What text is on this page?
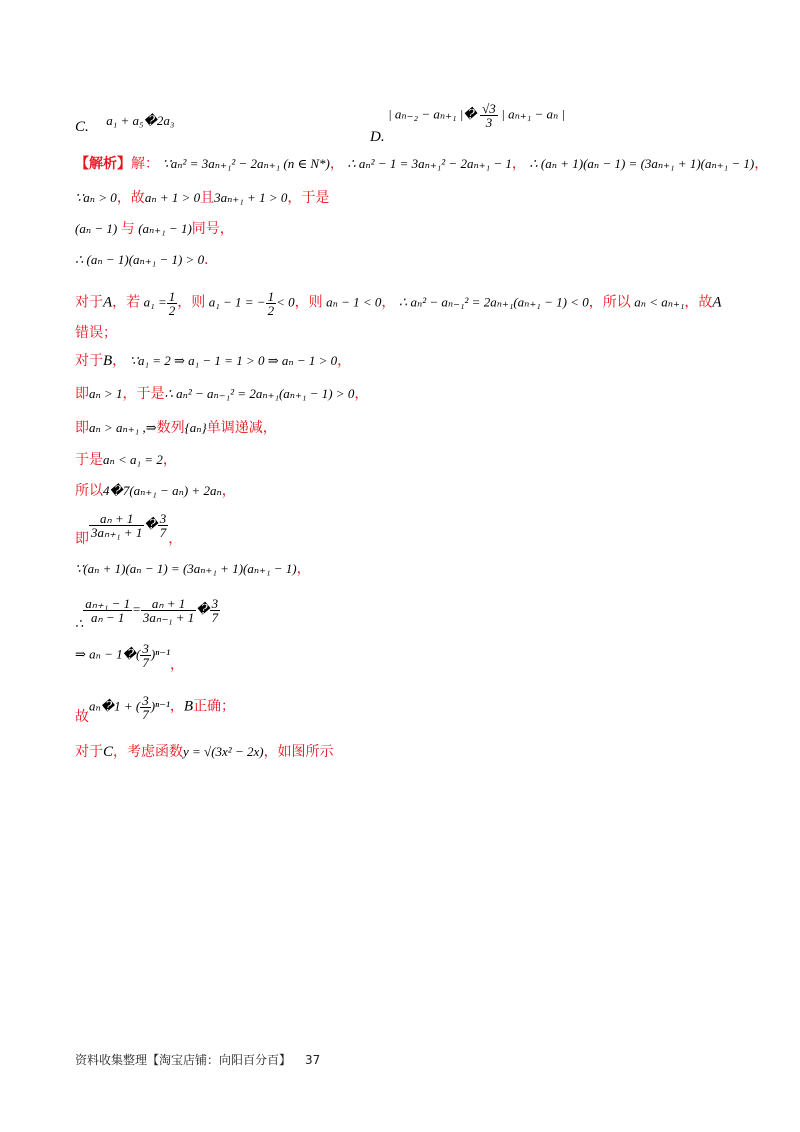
C. a₁ + a₅�2a₃
D. | aₙ₋₂ − aₙ₊₁ |� $\frac{√3}{3}$ | aₙ₊₁ − aₙ |
【解析】解： ∵aₙ² = 3aₙ₊₁² − 2aₙ₊₁ (n ∈ N*)， ∴ aₙ² − 1 = 3aₙ₊₁² − 2aₙ₊₁ − 1， ∴ (aₙ + 1)(aₙ − 1) = (3aₙ₊₁ + 1)(aₙ₊₁ − 1)，
∵aₙ > 0，故aₙ + 1 > 0且3aₙ₊₁ + 1 > 0，于是
(aₙ − 1) 与 (aₙ₊₁ − 1)同号，
∴ (aₙ − 1)(aₙ₊₁ − 1) > 0．
对于A，若 $a_1 = \frac{1}{2}$ ，则 a₁ − 1 = − $\frac{1}{2} < 0$，则 aₙ − 1 < 0， ∴ aₙ² − aₙ₋₁² = 2aₙ₊₁(aₙ₊₁ − 1) < 0，所以 aₙ < aₙ₊₁，故A
错误；
对于B， ∵a₁ = 2 ⇒ a₁ − 1 = 1 > 0 ⇒ aₙ − 1 > 0，
即aₙ > 1，于是∴ aₙ² − aₙ₋₁² = 2aₙ₊₁(aₙ₊₁ − 1) > 0，
即aₙ > aₙ₊₁ ,⇒数列{aₙ}单调递减，
于是aₙ < a₁ = 2，
所以4�7(aₙ₊₁ − aₙ) + 2aₙ，
即 $\frac{\text{aₙ + 1}}{\text{3aₙ₊₁ + 1}}$ � $\frac{3}{7}$ ，
∵(aₙ + 1)(aₙ − 1) = (3aₙ₊₁ + 1)(aₙ₊₁ − 1)，
∴ $\frac{\text{aₙ₊₁ − 1}}{\text{aₙ − 1}} = \frac{\text{aₙ + 1}}{\text{3aₙ₋₁ + 1}}$ � $\frac{3}{7}$
⇒ aₙ − 1�( $\frac{3}{7} )^{n-1}$，
故aₙ�1 + ( $\frac{3}{7} )^{n-1}$，B正确；
对于C，考虑函数y = √(3x² − 2x)，如图所示
资料收集整理【淘宝店铺：向阳百分百】 37
